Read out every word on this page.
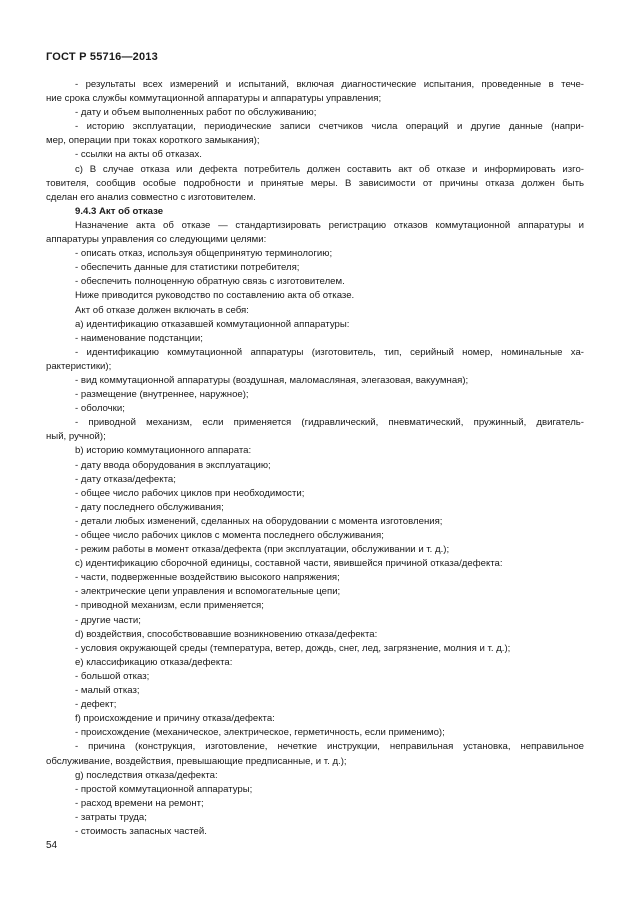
ГОСТ Р 55716—2013

- результаты всех измерений и испытаний, включая диагностические испытания, проведенные в тече-

ние срока службы коммутационной аппаратуры и аппаратуры управления;

- дату и объем выполненных работ по обслуживанию;

- историю эксплуатации, периодические записи счетчиков числа операций и другие данные (напри-

мер, операции при токах короткого замыкания);

- ссылки на акты об отказах.

c) В случае отказа или дефекта потребитель должен составить акт об отказе и информировать изго-

товителя, сообщив особые подробности и принятые меры. В зависимости от причины отказа должен быть

сделан его анализ совместно с изготовителем.

9.4.3 Акт об отказе

Назначение акта об отказе — стандартизировать регистрацию отказов коммутационной аппаратуры и

аппаратуры управления со следующими целями:

- описать отказ, используя общепринятую терминологию;

- обеспечить данные для статистики потребителя;

- обеспечить полноценную обратную связь с изготовителем.

Ниже приводится руководство по составлению акта об отказе.

Акт об отказе должен включать в себя:

a) идентификацию отказавшей коммутационной аппаратуры:

- наименование подстанции;

- идентификацию коммутационной аппаратуры (изготовитель, тип, серийный номер, номинальные ха-

рактеристики);

- вид коммутационной аппаратуры (воздушная, маломасляная, элегазовая, вакуумная);

- размещение (внутреннее, наружное);

- оболочки;

- приводной механизм, если применяется (гидравлический, пневматический, пружинный, двигатель-

ный, ручной);

b) историю коммутационного аппарата:

- дату ввода оборудования в эксплуатацию;

- дату отказа/дефекта;

- общее число рабочих циклов при необходимости;

- дату последнего обслуживания;

- детали любых изменений, сделанных на оборудовании с момента изготовления;

- общее число рабочих циклов с момента последнего обслуживания;

- режим работы в момент отказа/дефекта (при эксплуатации, обслуживании и т. д.);

c) идентификацию сборочной единицы, составной части, явившейся причиной отказа/дефекта:

- части, подверженные воздействию высокого напряжения;

- электрические цепи управления и вспомогательные цепи;

- приводной механизм, если применяется;

- другие части;

d) воздействия, способствовавшие возникновению отказа/дефекта:

- условия окружающей среды (температура, ветер, дождь, снег, лед, загрязнение, молния и т. д.);

e) классификацию отказа/дефекта:

- большой отказ;

- малый отказ;

- дефект;

f) происхождение и причину отказа/дефекта:

- происхождение (механическое, электрическое, герметичность, если применимо);

- причина (конструкция, изготовление, нечеткие инструкции, неправильная установка, неправильное

обслуживание, воздействия, превышающие предписанные, и т. д.);

g) последствия отказа/дефекта:

- простой коммутационной аппаратуры;

- расход времени на ремонт;

- затраты труда;

- стоимость запасных частей.

54
